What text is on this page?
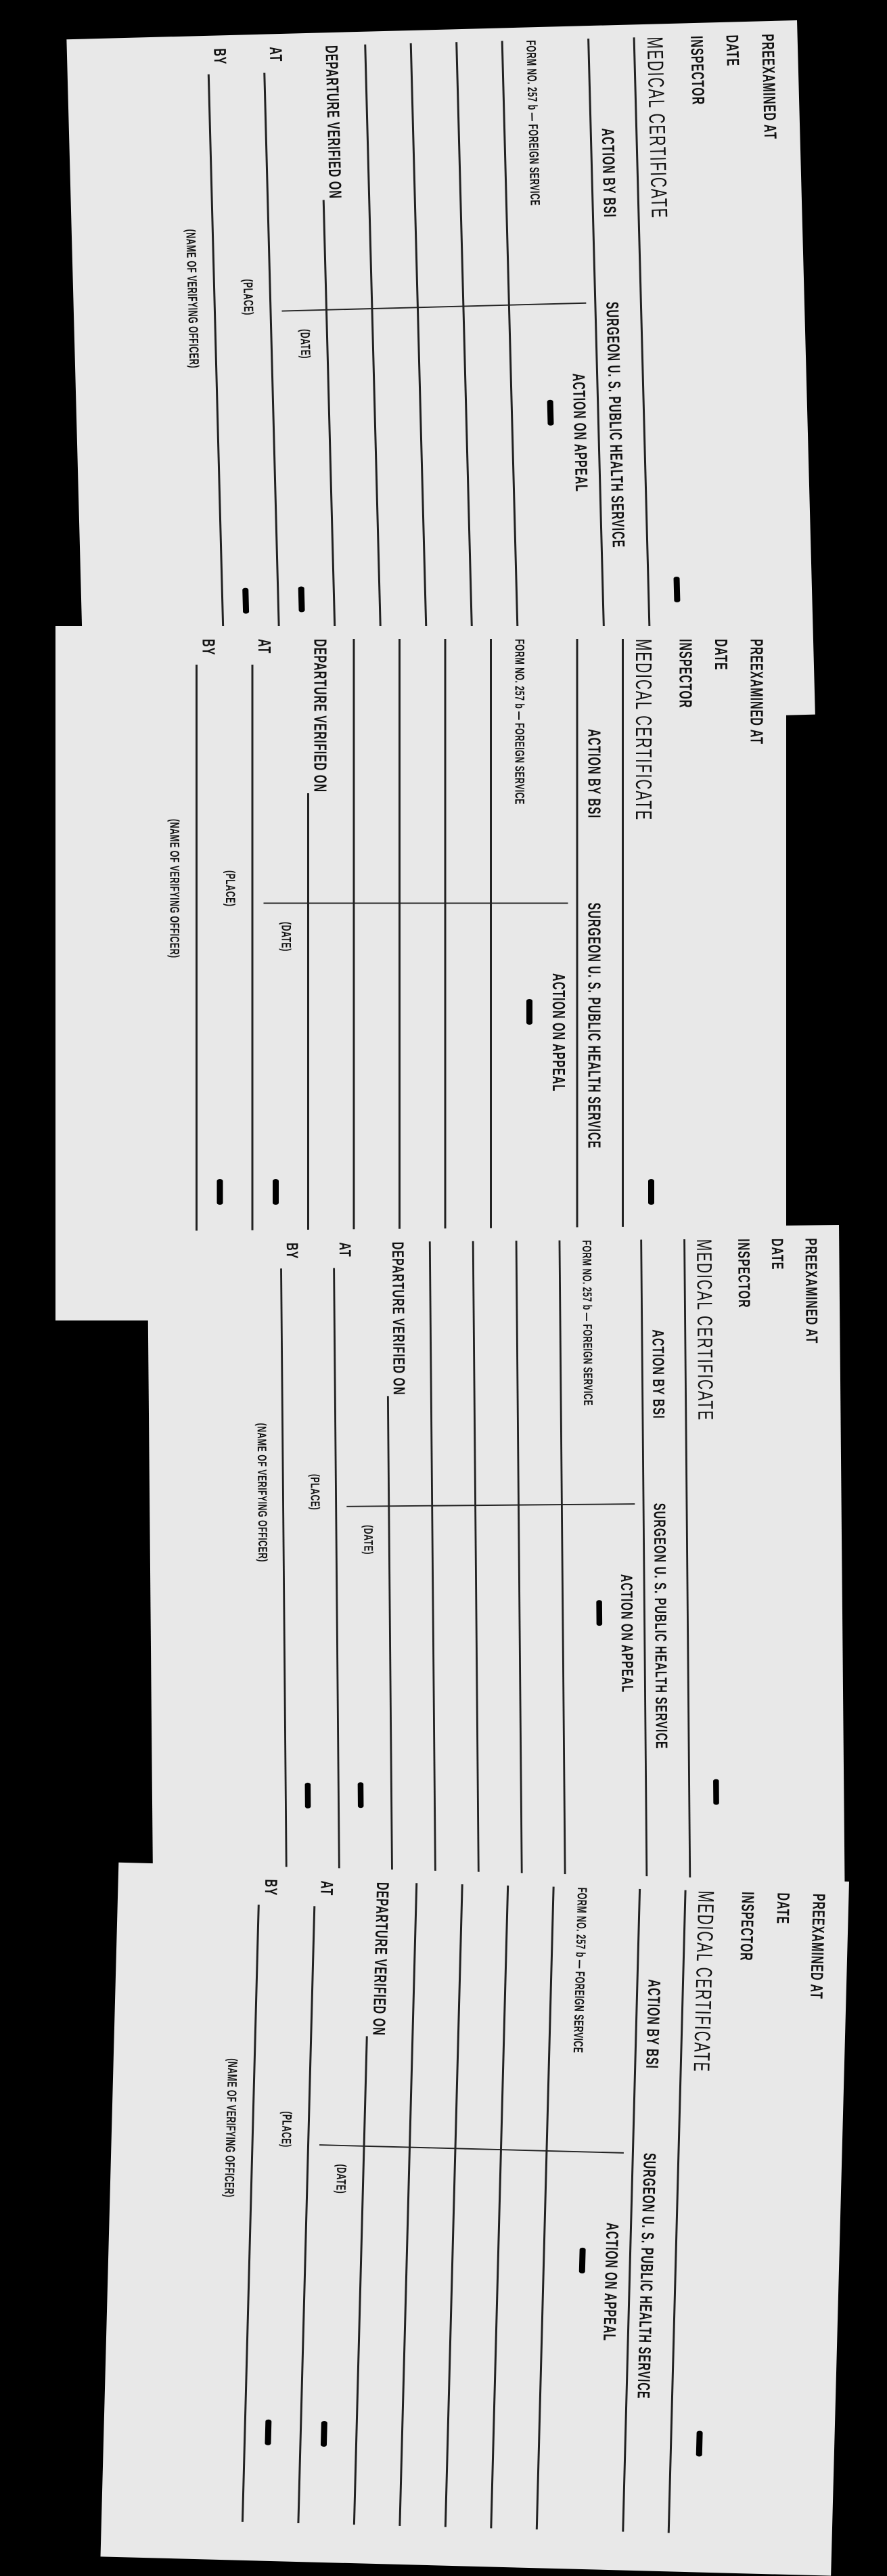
PREEXAMINED AT
DATE
INSPECTOR
MEDICAL CERTIFICATE
ACTION BY BSI
SURGEON U. S. PUBLIC HEALTH SERVICE
ACTION ON APPEAL
FORM NO. 257 b — FOREIGN SERVICE
DEPARTURE VERIFIED ON
(DATE)
AT
(PLACE)
BY
(NAME OF VERIFYING OFFICER)
PREEXAMINED AT
DATE
INSPECTOR
MEDICAL CERTIFICATE
ACTION BY BSI
SURGEON U. S. PUBLIC HEALTH SERVICE
ACTION ON APPEAL
FORM NO. 257 b — FOREIGN SERVICE
DEPARTURE VERIFIED ON
(DATE)
AT
(PLACE)
BY
(NAME OF VERIFYING OFFICER)
PREEXAMINED AT
DATE
INSPECTOR
MEDICAL CERTIFICATE
ACTION BY BSI
SURGEON U. S. PUBLIC HEALTH SERVICE
ACTION ON APPEAL
FORM NO. 257 b — FOREIGN SERVICE
DEPARTURE VERIFIED ON
(DATE)
AT
(PLACE)
BY
(NAME OF VERIFYING OFFICER)
PREEXAMINED AT
DATE
INSPECTOR
MEDICAL CERTIFICATE
ACTION BY BSI
SURGEON U. S. PUBLIC HEALTH SERVICE
ACTION ON APPEAL
FORM NO. 257 b — FOREIGN SERVICE
DEPARTURE VERIFIED ON
(DATE)
AT
(PLACE)
BY
(NAME OF VERIFYING OFFICER)
